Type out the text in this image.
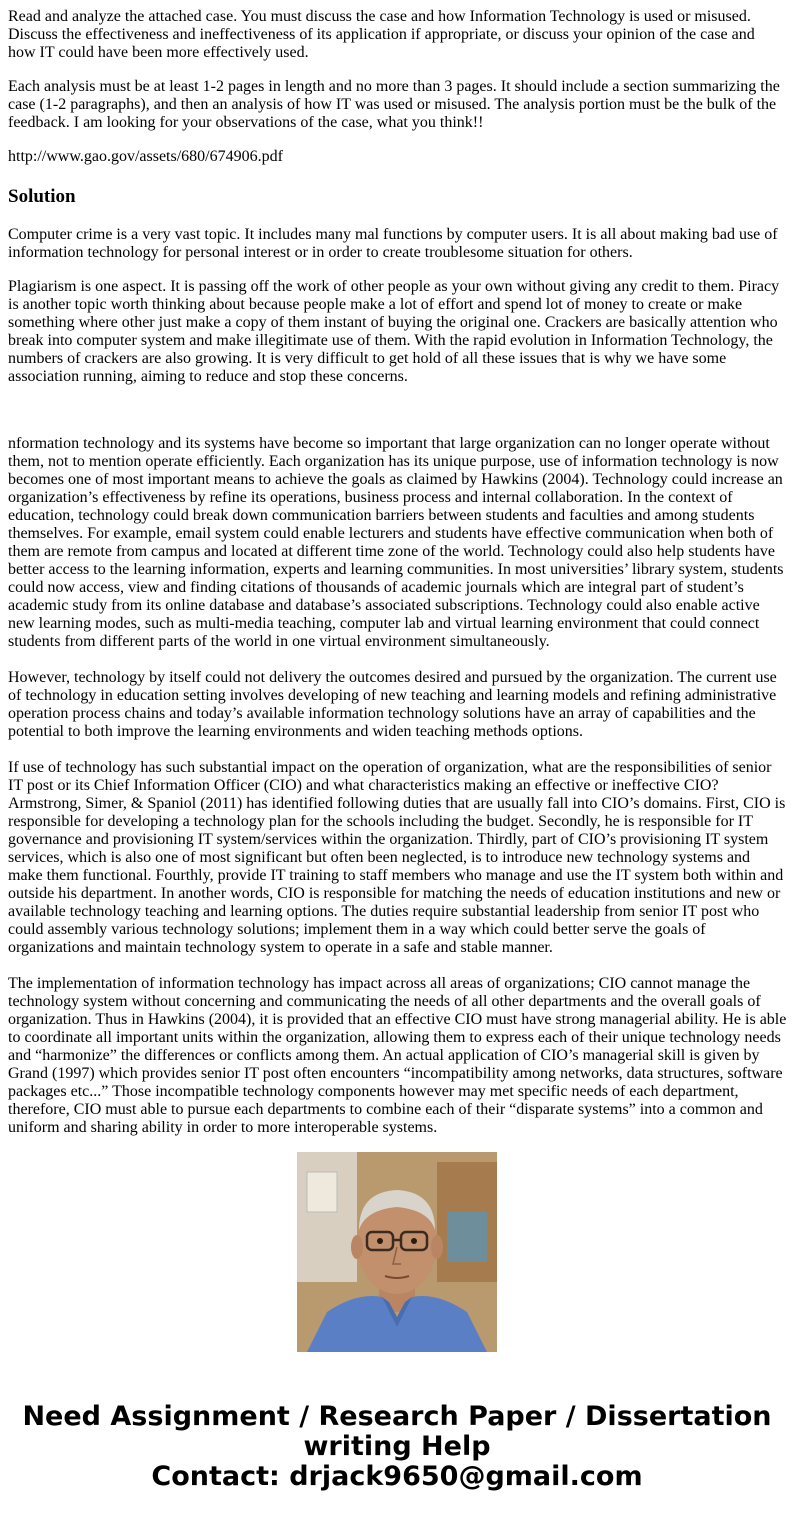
Read and analyze the attached case. You must discuss the case and how Information Technology is used or misused. Discuss the effectiveness and ineffectiveness of its application if appropriate, or discuss your opinion of the case and how IT could have been more effectively used.

Each analysis must be at least 1-2 pages in length and no more than 3 pages. It should include a section summarizing the case (1-2 paragraphs), and then an analysis of how IT was used or misused. The analysis portion must be the bulk of the feedback. I am looking for your observations of the case, what you think!!

http://www.gao.gov/assets/680/674906.pdf

Solution

Computer crime is a very vast topic. It includes many mal functions by computer users. It is all about making bad use of information technology for personal interest or in order to create troublesome situation for others.

Plagiarism is one aspect. It is passing off the work of other people as your own without giving any credit to them. Piracy is another topic worth thinking about because people make a lot of effort and spend lot of money to create or make something where other just make a copy of them instant of buying the original one. Crackers are basically attention who break into computer system and make illegitimate use of them. With the rapid evolution in Information Technology, the numbers of crackers are also growing. It is very difficult to get hold of all these issues that is why we have some association running, aiming to reduce and stop these concerns.

nformation technology and its systems have become so important that large organization can no longer operate without them, not to mention operate efficiently. Each organization has its unique purpose, use of information technology is now becomes one of most important means to achieve the goals as claimed by Hawkins (2004). Technology could increase an organization’s effectiveness by refine its operations, business process and internal collaboration. In the context of education, technology could break down communication barriers between students and faculties and among students themselves. For example, email system could enable lecturers and students have effective communication when both of them are remote from campus and located at different time zone of the world. Technology could also help students have better access to the learning information, experts and learning communities. In most universities’ library system, students could now access, view and finding citations of thousands of academic journals which are integral part of student’s academic study from its online database and database’s associated subscriptions. Technology could also enable active new learning modes, such as multi-media teaching, computer lab and virtual learning environment that could connect students from different parts of the world in one virtual environment simultaneously.

However, technology by itself could not delivery the outcomes desired and pursued by the organization. The current use of technology in education setting involves developing of new teaching and learning models and refining administrative operation process chains and today’s available information technology solutions have an array of capabilities and the potential to both improve the learning environments and widen teaching methods options.

If use of technology has such substantial impact on the operation of organization, what are the responsibilities of senior IT post or its Chief Information Officer (CIO) and what characteristics making an effective or ineffective CIO? Armstrong, Simer, & Spaniol (2011) has identified following duties that are usually fall into CIO’s domains. First, CIO is responsible for developing a technology plan for the schools including the budget. Secondly, he is responsible for IT governance and provisioning IT system/services within the organization. Thirdly, part of CIO’s provisioning IT system services, which is also one of most significant but often been neglected, is to introduce new technology systems and make them functional. Fourthly, provide IT training to staff members who manage and use the IT system both within and outside his department. In another words, CIO is responsible for matching the needs of education institutions and new or available technology teaching and learning options. The duties require substantial leadership from senior IT post who could assembly various technology solutions; implement them in a way which could better serve the goals of organizations and maintain technology system to operate in a safe and stable manner.

The implementation of information technology has impact across all areas of organizations; CIO cannot manage the technology system without concerning and communicating the needs of all other departments and the overall goals of organization. Thus in Hawkins (2004), it is provided that an effective CIO must have strong managerial ability. He is able to coordinate all important units within the organization, allowing them to express each of their unique technology needs and “harmonize” the differences or conflicts among them. An actual application of CIO’s managerial skill is given by Grand (1997) which provides senior IT post often encounters “incompatibility among networks, data structures, software packages etc...” Those incompatible technology components however may met specific needs of each department, therefore, CIO must able to pursue each departments to combine each of their “disparate systems” into a common and uniform and sharing ability in order to more interoperable systems.

Need Assignment / Research Paper / Dissertation
writing Help
Contact: drjack9650@gmail.com
